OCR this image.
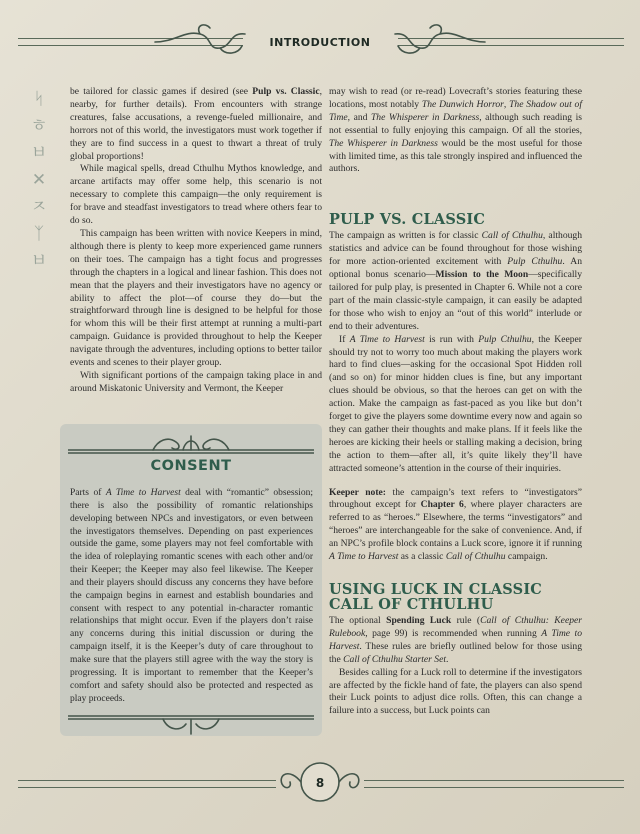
INTRODUCTION
ᛋ
ㅎ
ㅂ
✕
ㅈ
ᛉ
ㅂ

be tailored for classic games if desired (see Pulp vs. Classic, nearby, for further details). From encounters with strange creatures, false accusations, a revenge-fueled millionaire, and horrors not of this world, the investigators must work together if they are to find success in a quest to thwart a threat of truly global proportions!

While magical spells, dread Cthulhu Mythos knowledge, and arcane artifacts may offer some help, this scenario is not necessary to complete this campaign—the only requirement is for brave and steadfast investigators to tread where others fear to do so.

This campaign has been written with novice Keepers in mind, although there is plenty to keep more experienced game runners on their toes. The campaign has a tight focus and progresses through the chapters in a logical and linear fashion. This does not mean that the players and their investigators have no agency or ability to affect the plot—of course they do—but the straightforward through line is designed to be helpful for those for whom this will be their first attempt at running a multi-part campaign. Guidance is provided throughout to help the Keeper navigate through the adventures, including options to better tailor events and scenes to their player group.

With significant portions of the campaign taking place in and around Miskatonic University and Vermont, the Keeper

CONSENT

Parts of A Time to Harvest deal with “romantic” obsession; there is also the possibility of romantic relationships developing between NPCs and investigators, or even between the investigators themselves. Depending on past experiences outside the game, some players may not feel comfortable with the idea of roleplaying romantic scenes with each other and/or their Keeper; the Keeper may also feel likewise. The Keeper and their players should discuss any concerns they have before the campaign begins in earnest and establish boundaries and consent with respect to any potential in-character romantic relationships that might occur. Even if the players don’t raise any concerns during this initial discussion or during the campaign itself, it is the Keeper’s duty of care throughout to make sure that the players still agree with the way the story is progressing. It is important to remember that the Keeper’s comfort and safety should also be protected and respected as play proceeds.

may wish to read (or re-read) Lovecraft’s stories featuring these locations, most notably The Dunwich Horror, The Shadow out of Time, and The Whisperer in Darkness, although such reading is not essential to fully enjoying this campaign. Of all the stories, The Whisperer in Darkness would be the most useful for those with limited time, as this tale strongly inspired and influenced the authors.

PULP VS. CLASSIC

The campaign as written is for classic Call of Cthulhu, although statistics and advice can be found throughout for those wishing for more action-oriented excitement with Pulp Cthulhu. An optional bonus scenario—Mission to the Moon—specifically tailored for pulp play, is presented in Chapter 6. While not a core part of the main classic-style campaign, it can easily be adapted for those who wish to enjoy an “out of this world” interlude or end to their adventures.

If A Time to Harvest is run with Pulp Cthulhu, the Keeper should try not to worry too much about making the players work hard to find clues—asking for the occasional Spot Hidden roll (and so on) for minor hidden clues is fine, but any important clues should be obvious, so that the heroes can get on with the action. Make the campaign as fast-paced as you like but don’t forget to give the players some downtime every now and again so they can gather their thoughts and make plans. If it feels like the heroes are kicking their heels or stalling making a decision, bring the action to them—after all, it’s quite likely they’ll have attracted someone’s attention in the course of their inquiries.

Keeper note: the campaign’s text refers to “investigators” throughout except for Chapter 6, where player characters are referred to as “heroes.” Elsewhere, the terms “investigators” and “heroes” are interchangeable for the sake of convenience. And, if an NPC’s profile block contains a Luck score, ignore it if running A Time to Harvest as a classic Call of Cthulhu campaign.

USING LUCK IN CLASSIC
CALL OF CTHULHU

The optional Spending Luck rule (Call of Cthulhu: Keeper Rulebook, page 99) is recommended when running A Time to Harvest. These rules are briefly outlined below for those using the Call of Cthulhu Starter Set.

Besides calling for a Luck roll to determine if the investigators are affected by the fickle hand of fate, the players can also spend their Luck points to adjust dice rolls. Often, this can change a failure into a success, but Luck points can

8
